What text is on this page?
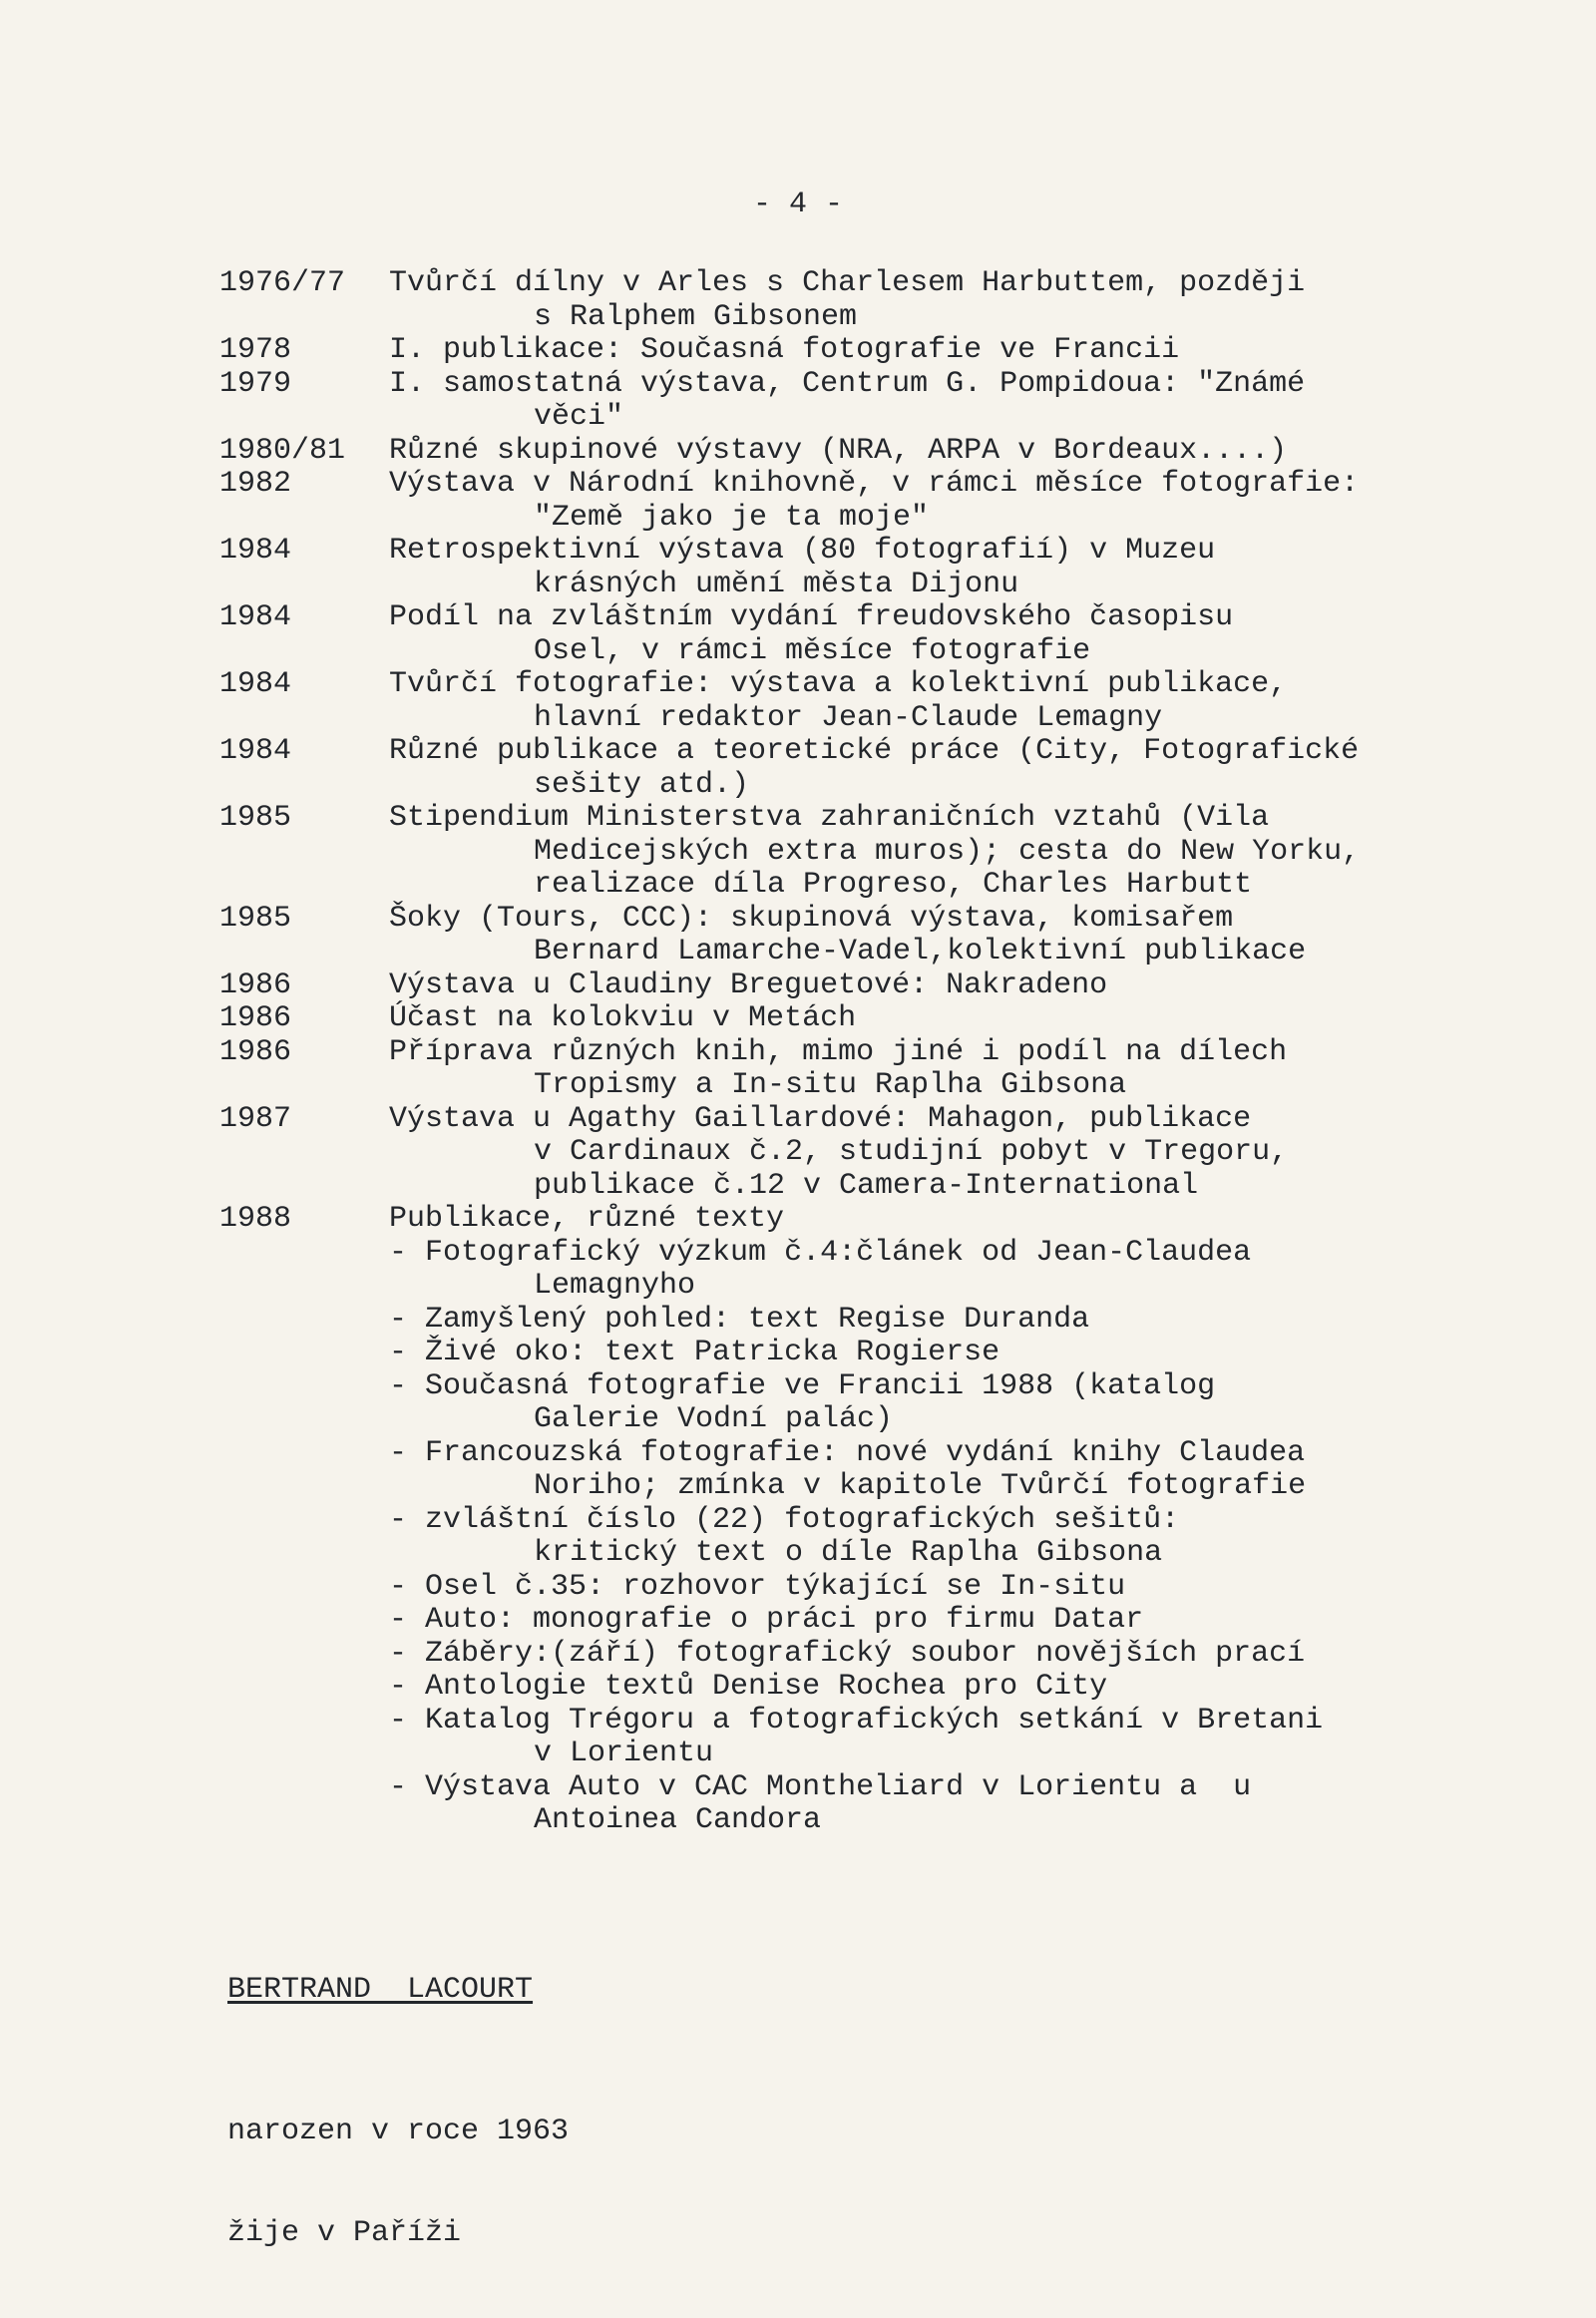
- 4 -
1976/77	Tvůrčí dílny v Arles s Charlesem Harbuttem, později
s Ralphem Gibsonem
1978	I. publikace: Současná fotografie ve Francii
1979	I. samostatná výstava, Centrum G. Pompidoua: "Známé
věci"
1980/81	Různé skupinové výstavy (NRA, ARPA v Bordeaux....)
1982	Výstava v Národní knihovně, v rámci měsíce fotografie:
"Země jako je ta moje"
1984	Retrospektivní výstava (80 fotografií) v Muzeu
krásných umění města Dijonu
1984	Podíl na zvláštním vydání freudovského časopisu
Osel, v rámci měsíce fotografie
1984	Tvůrčí fotografie: výstava a kolektivní publikace,
hlavní redaktor Jean-Claude Lemagny
1984	Různé publikace a teoretické práce (City, Fotografické
sešity atd.)
1985	Stipendium Ministerstva zahraničních vztahů (Vila
Medicejských extra muros); cesta do New Yorku,
realizace díla Progreso, Charles Harbutt
1985	Šoky (Tours, CCC): skupinová výstava, komisařem
Bernard Lamarche-Vadel,kolektivní publikace
1986	Výstava u Claudiny Breguetové: Nakradeno
1986	Účast na kolokviu v Metách
1986	Příprava různých knih, mimo jiné i podíl na dílech
Tropismy a In-situ Raplha Gibsona
1987	Výstava u Agathy Gaillardové: Mahagon, publikace
v Cardinaux č.2, studijní pobyt v Tregoru,
publikace č.12 v Camera-International
1988	Publikace, různé texty
- Fotografický výzkum č.4:článek od Jean-Claudea
Lemagnyho
- Zamyšlený pohled: text Regise Duranda
- Živé oko: text Patricka Rogierse
- Současná fotografie ve Francii 1988 (katalog
Galerie Vodní palác)
- Francouzská fotografie: nové vydání knihy Claudea
Noriho; zmínka v kapitole Tvůrčí fotografie
- zvláštní číslo (22) fotografických sešitů:
kritický text o díle Raplha Gibsona
- Osel č.35: rozhovor týkající se In-situ
- Auto: monografie o práci pro firmu Datar
- Záběry:(září) fotografický soubor novějších prací
- Antologie textů Denise Rochea pro City
- Katalog Trégoru a fotografických setkání v Bretani
v Lorientu
- Výstava Auto v CAC Montheliard v Lorientu a  u
Antoinea Candora
BERTRAND  LACOURT

narozen v roce 1963

žije v Paříži
